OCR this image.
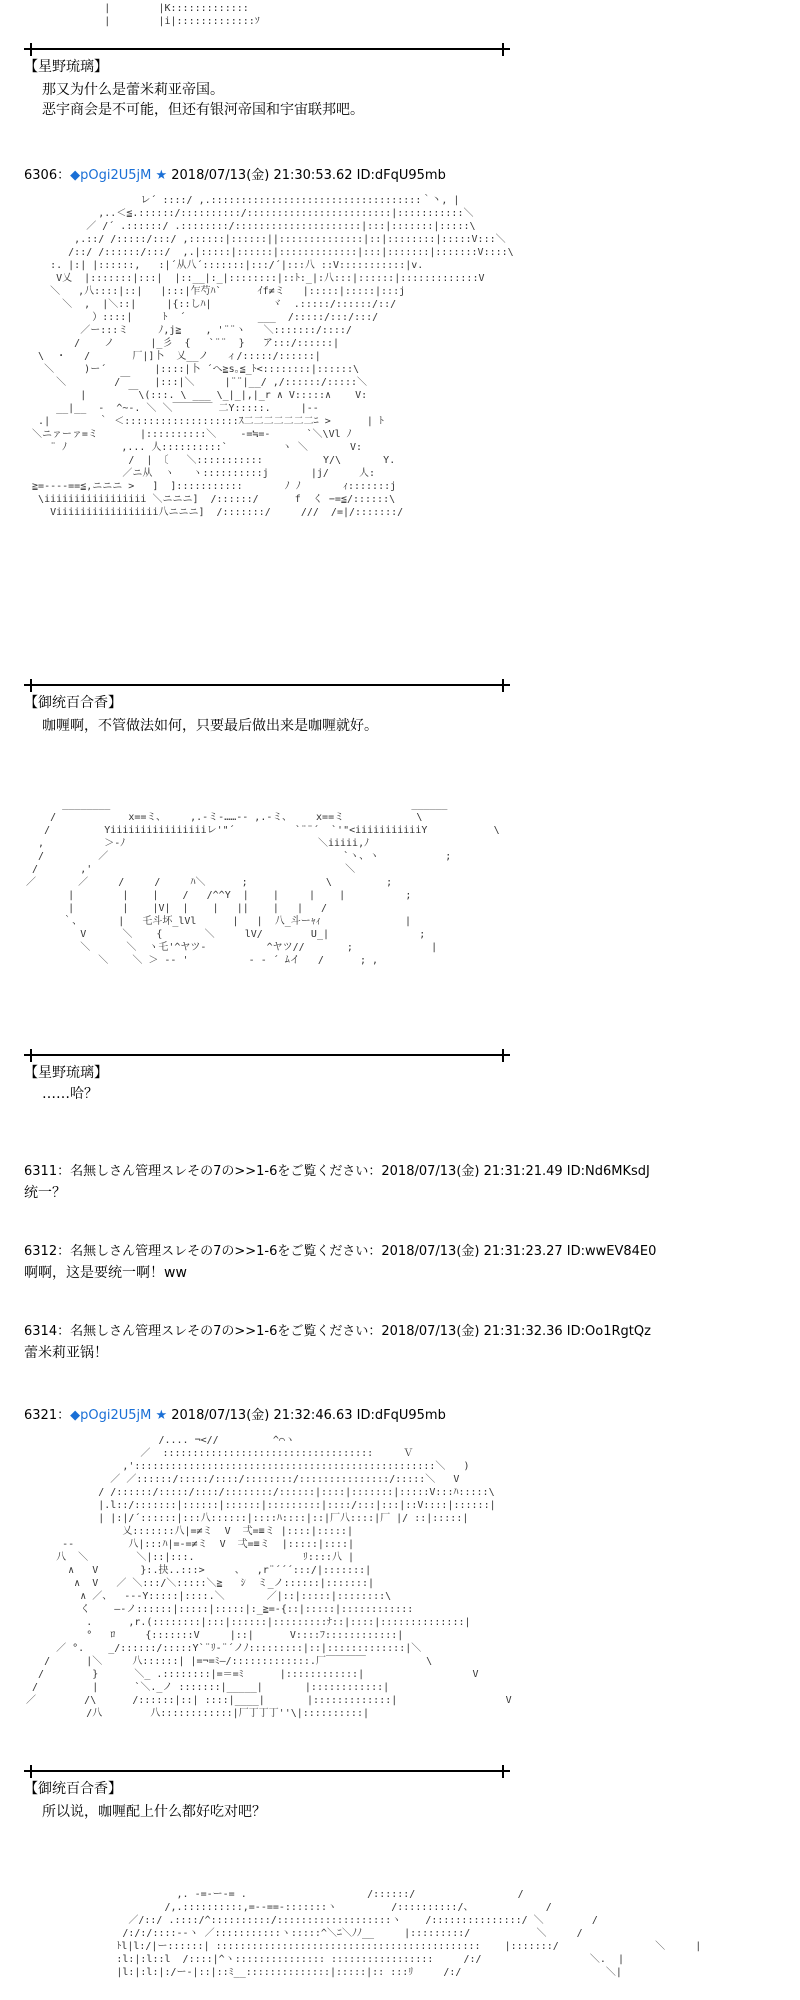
|        |K:::::::::::::
|        |i|:::::::::::::ｿ
【星野琉璃】
那又为什么是蕾米莉亚帝国。
恶宇商会是不可能，但还有银河帝国和宇宙联邦吧。
6306：◆pOgi2U5jM ★ 2018/07/13(金) 21:30:53.62 ID:dFqU95mb
レ´ ::::/ ,.:::::::::::::::::::::::::::::::::::｀丶, |
,..＜≦.::::::/::::::::::/::::::::::::::::::::::::|:::::::::::＼
／ /´ .::::::/ .::::::::/:::::::::::::::::::::|:::|:::::::|:::::\
,.::/ /:::::/:::/ ,::::::|::::::||::::::::::::::|::|::::::::|:::::V:::＼
/::/ /::::::/:::/  ,.|:::::|::::::|:::::::::::::|:::|:::::::|:::::::V::::\
:. |:| |::::::,   :|´从八´:::::::|:::/´|:::八 ::V:::::::::::|v.
V乂  |:::::::|:::|  |::__|:_|::::::::|::ﾄ:_|:八:::|::::::|:::::::::::::V
＼   ,八::::|::|   |:::|乍芍ﾊ`      ｲf≠ミ   |:::::|:::::|:::j
＼  ,  |＼::|     |{::しﾊ|          ヾ  .:::::/::::::/::/
）::::|     ﾄ  ´            ___  /:::::/:::/:::/
／ー:::ミ     ﾉ,j≧    , '¨¨ヽ   ＼:::::::/::::/
/    ノ      |_彡  {   `¨¨  }   ア:::/::::::|
\  ・   /       厂|]卜  乂__ノ   ィ/:::::/::::::|
＼     )ー´        |::::|卜 ´へ≧s｡≦_ﾄ<::::::::|::::::\
＼        /￣    |:::|＼     |¨¨|__/ ,/::::::/:::::＼
|       ￣\(:::. \ ___ \_|_|,|_r ∧ V:::::∧    V:
__|__  -  ^~-. ＼ ＼￣￣￣￣ 二Y:::::.     |--
.|        ｀ ＜:::::::::::::::::::ｽ二二二二二二二ﾆ >      | ﾄ
＼ニァーァ=ミ       |::::::::::＼    -=≒=-      `＼\Vl ﾉ
¨ ﾉ         ,... 人::::::::::`         ヽ ＼       V:
/  | 〔   ＼:::::::::::          Y/\       Y.
／ニ从  ヽ   ヽ::::::::::j       |j/     人:
≧=----==≦,ニニニ >   ]  ]:::::::::::       ﾉ ﾉ       ｨ:::::::j
\iiiiiiiiiiiiiiiii ＼ニニニ]  /::::::/      f  く −=≦/::::::\
Viiiiiiiiiiiiiiiii八ニニニ]  /:::::::/     ///  /=|/:::::::/
【御统百合香】
咖喱啊，不管做法如何，只要最后做出来是咖喱就好。
________                                                  ______
/            x==ミ、    ,.-ミ-……‐- ,.-ミ、    x==ミ            \
/         Yiiiiiiiiiiiiiiiiレ'"´          `¨¨´  `'"<iiiiiiiiiiiY           \
,          ＞-ﾉ                                ＼iiiii,ﾉ
/         ／                                       `ヽ、ヽ           ;
/       ,'                                          ＼
／       ／     /     /     ﾊ＼      ;             \         ;
|        |    |    /   /^^Y  |    |     |    |          ;
|        |    |V|  |    |   ||    |   |   /
｀、      |   乇斗坏_lVl      |   |  八_斗ーｬｨ              |
V      ＼    {       ＼     lV/        U_|               ;
＼      ＼  ヽ乇'^ヤツ-          ^ヤツ//       ;             |
＼    ＼ ＞ -- '          ‐ - ´ ﾑイ   /      ; ,
【星野琉璃】
……哈？
6311：名無しさん管理スレその7の>>1-6をご覧ください：2018/07/13(金) 21:31:21.49 ID:Nd6MKsdJ
统一？
6312：名無しさん管理スレその7の>>1-6をご覧ください：2018/07/13(金) 21:31:23.27 ID:wwEV84E0
啊啊，这是要统一啊！ww
6314：名無しさん管理スレその7の>>1-6をご覧ください：2018/07/13(金) 21:31:32.36 ID:Oo1RgtQz
蕾米莉亚锅！
6321：◆pOgi2U5jM ★ 2018/07/13(金) 21:32:46.63 ID:dFqU95mb
/.... ¬<//         ^⌒ヽ
／  :::::::::::::::::::::::::::::::::::     Ｖ
,'::::::::::::::::::::::::::::::::::::::::::::::::::＼   )
／ ／::::::/:::::/::::/::::::::/:::::::::::::::/:::::＼   V
/ /::::::/:::::/::::/::::::::/::::::|::::|:::::::|:::::V:::ﾊ:::::\
|.l::/:::::::|::::::|::::::|:::::::::|::::/:::|:::|::V::::|::::::|
| |:|/´::::::|:::八::::::|::::ﾊ::::|::|厂八::::|厂 |/ ::|:::::|
乂:::::::八|=≠ミ  V  弌=≡ミ |::::|:::::|
--         八|:::ﾊ|=-=≠ミ  V  弌=≡ミ  |:::::|::::|
八  ＼        ＼|::|:::.                  ﾘ::::八 |
∧   V       }:.抉..:::>     、  ,r¨´´´:::/|:::::::|
∧  V   ／ ＼:::/＼:::::＼≧   ｼ  ミ_ノ::::::|:::::::|
∧ ／、  --‐Y:::::|::::.＼       ／|::|:::::|::::::::\
く    ―‐ノ::::::|:::::|:::::|:_≧=‐{::|:::::|::::::::::::
.      ,r.(::::::::|:::|::::::|:::::::::ﾅ::|::::|::::::::::::::|
°   ﾛ     {:::::::V     |::|      V::::ﾌ::::::::::::|
／ °.    _/::::::/:::::Y`¨ﾘ-¨´ノﾉ:::::::::|::|:::::::::::::|＼
/      |＼     八::::::| |=¬=ﾐ―/:::::::::::::.厂￣￣￣￣          \
/        }      ＼_ .::::::::|=＝=ﾐ      |::::::::::::|                  V
/         |      `＼._ノ :::::::|_____|       |::::::::::::|
／        /\      /::::::|::| ::::|____|       |:::::::::::::|                  V
/八        八::::::::::::|厂丁丁丁''\|::::::::::|
【御统百合香】
所以说，咖喱配上什么都好吃对吧？
,. -=‐ー-= .                    /::::::/                 /
/,.::::::::::,=-‐==-:::::::ヽ         /::::::::::/、            /
／/::/ .::::/^::::::::::/:::::::::::::::::::ヽ    /:::::::::::::::/ ＼        /
/:/:/::::-‐ヽ ／:::::::::::ヽ:::::^＼ﾆ＼ﾉﾉ__     |:::::::::/           ＼     /
ﾄl|l:/|ー::::::| ::::::::::::::::::::::::::::::::::::::::::::    |:::::::/                ＼     |
:l:|:l::l  /::::|^ヽ::::::::::::::: :::::::::::::::::     /:/                  ＼.  |
|l:|:l:|:/ー-|::|::ﾐ__::::::::::::::|:::::|:: :::ﾘ     /:/                        ＼|
